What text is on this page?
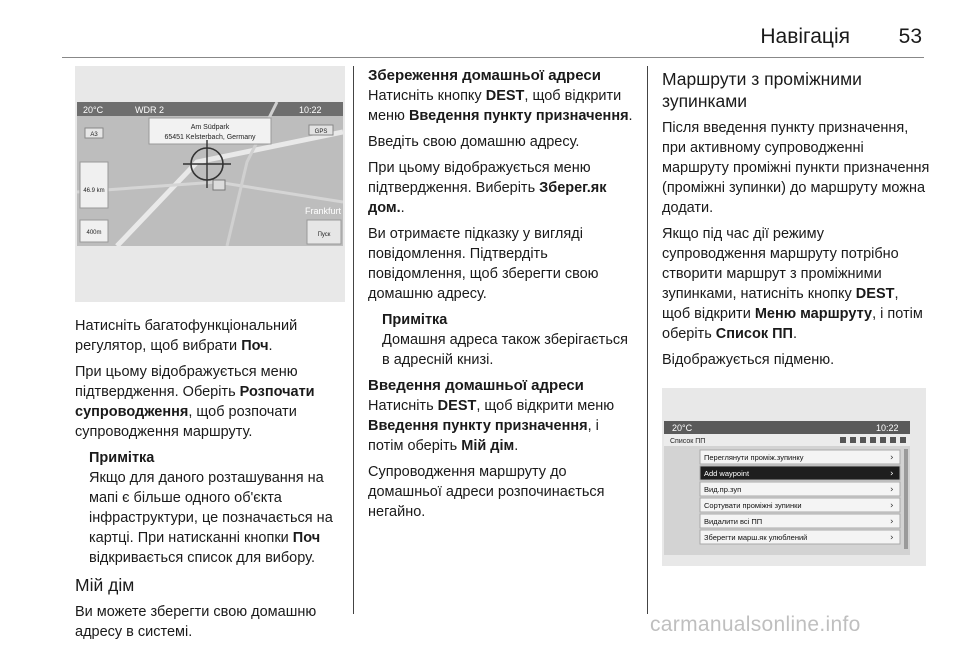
Навігація 53
20°C	WDR 2	10:22
Am Südpark
65451 Kelsterbach, Germany
GPS
A3
46.9 km
400m
Frankfurt
Пуск

Натисніть багатофункціональний регулятор, щоб вибрати Поч.

При цьому відображується меню підтвердження. Оберіть Розпочати супроводження, щоб розпочати супроводження маршруту.

Примітка
Якщо для даного розташування на мапі є більше одного об'єкта інфраструктури, це позначається на картці. При натисканні кнопки Поч відкривається список для вибору.
Мій дім

Ви можете зберегти свою домашню адресу в системі.

Збереження домашньої адреси

Натисніть кнопку DEST, щоб відкрити меню Введення пункту призначення.

Введіть свою домашню адресу.

При цьому відображується меню підтвердження. Виберіть Зберег.як дом..

Ви отримаєте підказку у вигляді повідомлення. Підтвердіть повідомлення, щоб зберегти свою домашню адресу.

Примітка
Домашня адреса також зберігається в адресній книзі.
Введення домашньої адреси

Натисніть DEST, щоб відкрити меню Введення пункту призначення, і потім оберіть Мій дім.

Супроводження маршруту до домашньої адреси розпочинається негайно.

Маршрути з проміжними зупинками

Після введення пункту призначення, при активному супроводженні маршруту проміжні пункти призначення (проміжні зупинки) до маршруту можна додати.

Якщо під час дії режиму супроводження маршруту потрібно створити маршрут з проміжними зупинками, натисніть кнопку DEST, щоб відкрити Меню маршруту, і потім оберіть Список ПП.

Відображується підменю.

20°C	10:22
Список ПП
Переглянути проміж.зупинку	›
Add waypoint	›
Вид.пр.зуп	›
Сортувати проміжні зупинки	›
Видалити всі ПП	›
Зберегти марш.як улюблений	›
carmanualsonline.info
